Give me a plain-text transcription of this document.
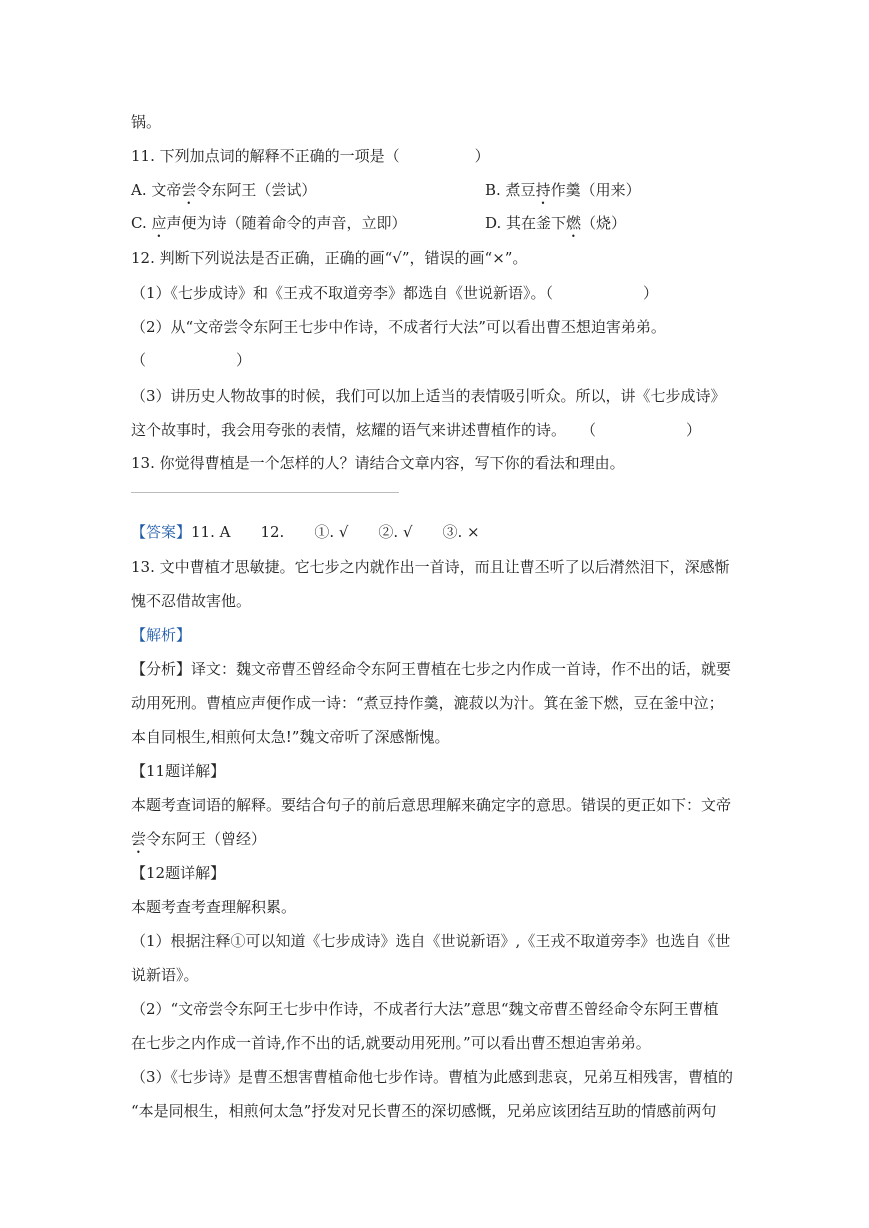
锅。
11. 下列加点词的解释不正确的一项是（　　　　　）
A. 文帝尝令东阿王（尝试）	B. 煮豆持作羹（用来）
C. 应声便为诗（随着命令的声音，立即）	D. 其在釜下燃（烧）
12. 判断下列说法是否正确，正确的画“√”，错误的画“×”。
（1）《七步成诗》和《王戎不取道旁李》都选自《世说新语》。（　　　　　　）
（2）从“文帝尝令东阿王七步中作诗，不成者行大法”可以看出曹丕想迫害弟弟。
（　　　　　　）
（3）讲历史人物故事的时候，我们可以加上适当的表情吸引听众。所以，讲《七步成诗》
这个故事时，我会用夸张的表情，炫耀的语气来讲述曹植作的诗。　　（　　　　　　）
13. 你觉得曹植是一个怎样的人？请结合文章内容，写下你的看法和理由。
【答案】11. A　　12.　　①. √　　②. √　　③. ×
13. 文中曹植才思敏捷。它七步之内就作出一首诗，而且让曹丕听了以后潸然泪下，深感惭
愧不忍借故害他。
【解析】
【分析】译文：魏文帝曹丕曾经命令东阿王曹植在七步之内作成一首诗，作不出的话，就要
动用死刑。曹植应声便作成一诗：“煮豆持作羹，漉菽以为汁。箕在釜下燃，豆在釜中泣；
本自同根生,相煎何太急!”魏文帝听了深感惭愧。
【11题详解】
本题考查词语的解释。要结合句子的前后意思理解来确定字的意思。错误的更正如下：文帝
尝令东阿王（曾经）
【12题详解】
本题考查考查理解积累。
（1）根据注释①可以知道《七步成诗》选自《世说新语》,《王戎不取道旁李》也选自《世
说新语》。
（2）“文帝尝令东阿王七步中作诗，不成者行大法”意思“魏文帝曹丕曾经命令东阿王曹植
在七步之内作成一首诗,作不出的话,就要动用死刑。”可以看出曹丕想迫害弟弟。
（3）《七步诗》是曹丕想害曹植命他七步作诗。曹植为此感到悲哀，兄弟互相残害，曹植的
“本是同根生，相煎何太急”抒发对兄长曹丕的深切感慨，兄弟应该团结互助的情感前两句
